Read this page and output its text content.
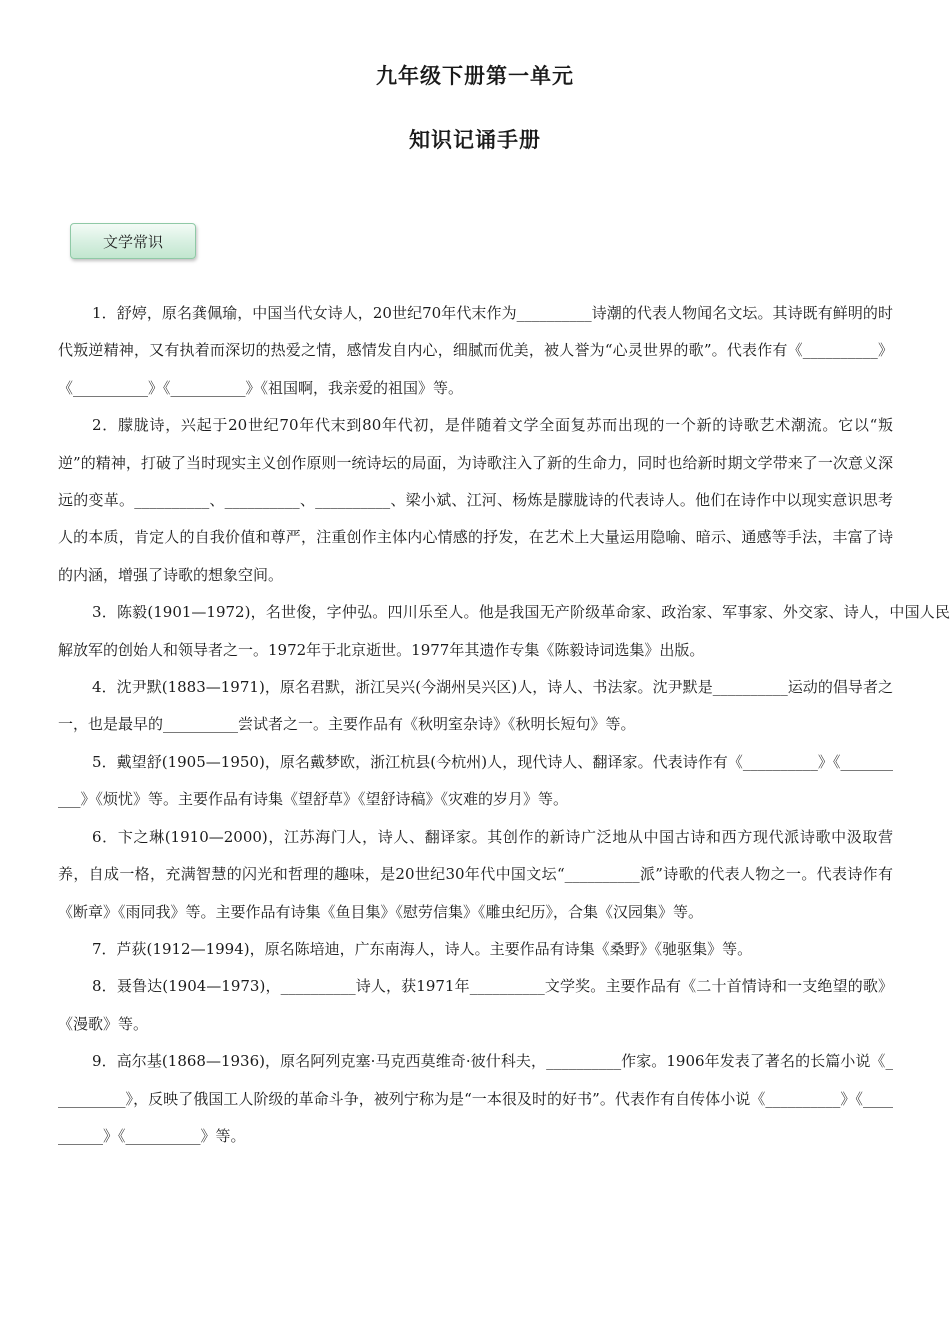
九年级下册第一单元
知识记诵手册
文学常识

1．舒婷，原名龚佩瑜，中国当代女诗人，20世纪70年代末作为__________诗潮的代表人物闻名文坛。其诗既有鲜明的时代叛逆精神，又有执着而深切的热爱之情，感情发自内心，细腻而优美，被人誉为“心灵世界的歌”。代表作有《__________》《__________》《__________》《祖国啊，我亲爱的祖国》等。

2．朦胧诗，兴起于20世纪70年代末到80年代初，是伴随着文学全面复苏而出现的一个新的诗歌艺术潮流。它以“叛逆”的精神，打破了当时现实主义创作原则一统诗坛的局面，为诗歌注入了新的生命力，同时也给新时期文学带来了一次意义深远的变革。__________、__________、__________、梁小斌、江河、杨炼是朦胧诗的代表诗人。他们在诗作中以现实意识思考人的本质，肯定人的自我价值和尊严，注重创作主体内心情感的抒发，在艺术上大量运用隐喻、暗示、通感等手法，丰富了诗的内涵，增强了诗歌的想象空间。

3．陈毅(1901—1972)，名世俊，字仲弘。四川乐至人。他是我国无产阶级革命家、政治家、军事家、外交家、诗人，中国人民解放军的创始人和领导者之一。1972年于北京逝世。1977年其遗作专集《陈毅诗词选集》出版。

4．沈尹默(1883—1971)，原名君默，浙江吴兴(今湖州吴兴区)人，诗人、书法家。沈尹默是__________运动的倡导者之一，也是最早的__________尝试者之一。主要作品有《秋明室杂诗》《秋明长短句》等。

5．戴望舒(1905—1950)，原名戴梦欧，浙江杭县(今杭州)人，现代诗人、翻译家。代表诗作有《__________》《__________》《烦忧》等。主要作品有诗集《望舒草》《望舒诗稿》《灾难的岁月》等。

6．卞之琳(1910—2000)，江苏海门人，诗人、翻译家。其创作的新诗广泛地从中国古诗和西方现代派诗歌中汲取营养，自成一格，充满智慧的闪光和哲理的趣味，是20世纪30年代中国文坛“__________派”诗歌的代表人物之一。代表诗作有《断章》《雨同我》等。主要作品有诗集《鱼目集》《慰劳信集》《雕虫纪历》，合集《汉园集》等。

7．芦荻(1912—1994)，原名陈培迪，广东南海人，诗人。主要作品有诗集《桑野》《驰驱集》等。

8．聂鲁达(1904—1973)，__________诗人，获1971年__________文学奖。主要作品有《二十首情诗和一支绝望的歌》《漫歌》等。

9．高尔基(1868—1936)，原名阿列克塞·马克西莫维奇·彼什科夫，__________作家。1906年发表了著名的长篇小说《__________》，反映了俄国工人阶级的革命斗争，被列宁称为是“一本很及时的好书”。代表作有自传体小说《__________》《__________》《__________》等。
